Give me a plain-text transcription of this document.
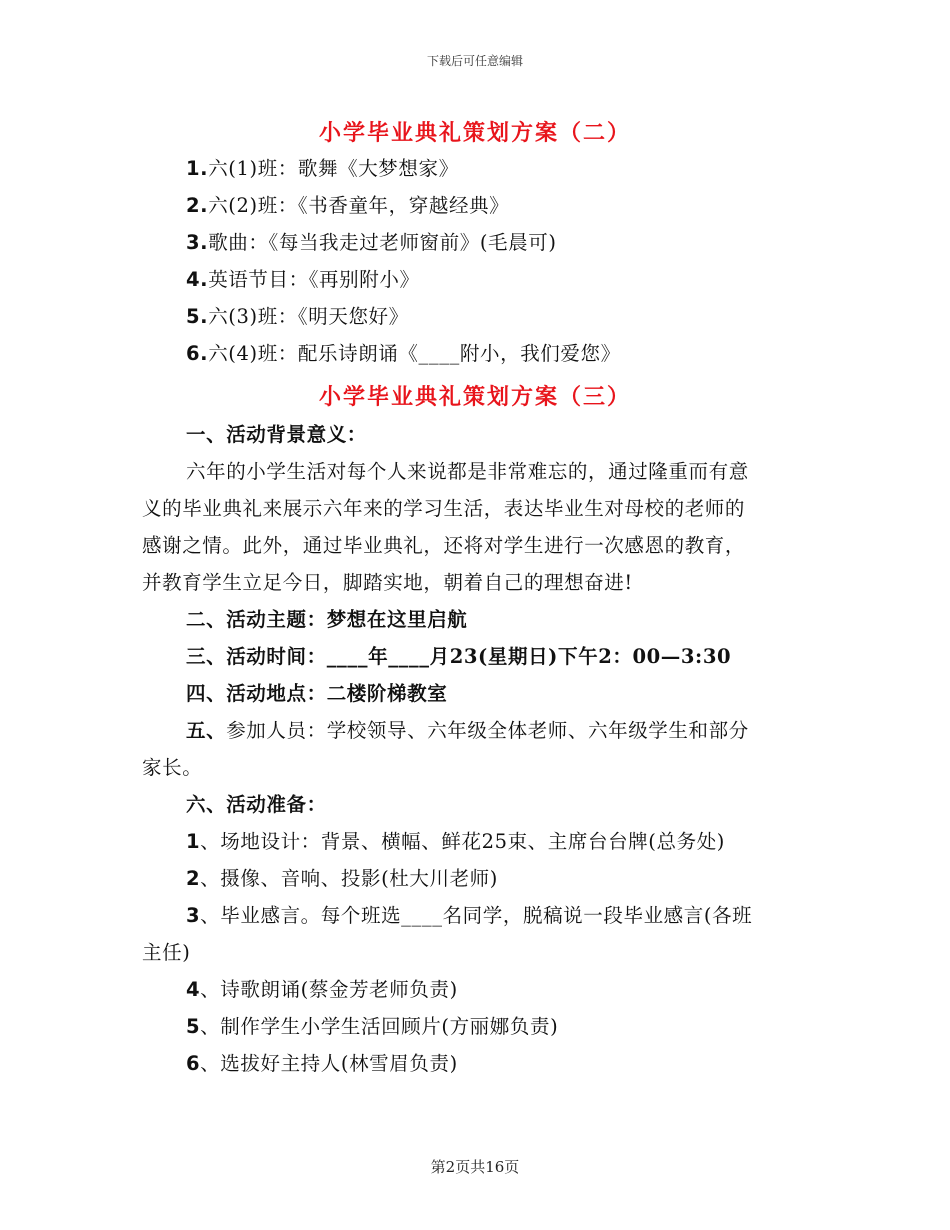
下载后可任意编辑
小学毕业典礼策划方案（二）
1.六(1)班：歌舞《大梦想家》
2.六(2)班：《书香童年，穿越经典》
3.歌曲：《每当我走过老师窗前》(毛晨可)
4.英语节目：《再别附小》
5.六(3)班：《明天您好》
6.六(4)班：配乐诗朗诵《____附小，我们爱您》
小学毕业典礼策划方案（三）
一、活动背景意义：
六年的小学生活对每个人来说都是非常难忘的，通过隆重而有意
义的毕业典礼来展示六年来的学习生活，表达毕业生对母校的老师的
感谢之情。此外，通过毕业典礼，还将对学生进行一次感恩的教育，
并教育学生立足今日，脚踏实地，朝着自己的理想奋进!
二、活动主题：梦想在这里启航
三、活动时间：____年____月23(星期日)下午2：00—3:30
四、活动地点：二楼阶梯教室
五、参加人员：学校领导、六年级全体老师、六年级学生和部分
家长。
六、活动准备：
1、场地设计：背景、横幅、鲜花25束、主席台台牌(总务处)
2、摄像、音响、投影(杜大川老师)
3、毕业感言。每个班选____名同学，脱稿说一段毕业感言(各班
主任)
4、诗歌朗诵(蔡金芳老师负责)
5、制作学生小学生活回顾片(方丽娜负责)
6、选拔好主持人(林雪眉负责)
第2页共16页
